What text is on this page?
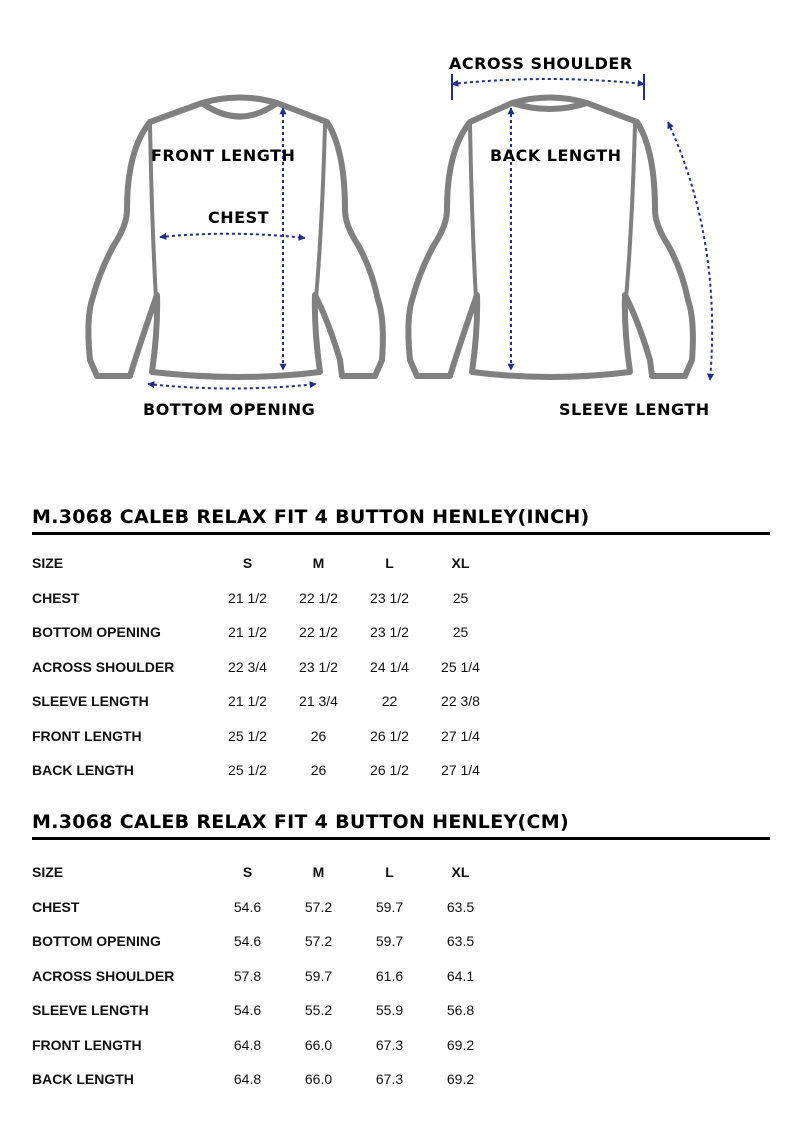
ACROSS SHOULDER
FRONT LENGTH	BACK LENGTH
CHEST
BOTTOM OPENING	SLEEVE LENGTH
M.3068 CALEB RELAX FIT 4 BUTTON HENLEY(INCH)
SIZE	S	M	L	XL
CHEST	21 1/2	22 1/2	23 1/2	25
BOTTOM OPENING	21 1/2	22 1/2	23 1/2	25
ACROSS SHOULDER	22 3/4	23 1/2	24 1/4	25 1/4
SLEEVE LENGTH	21 1/2	21 3/4	22	22 3/8
FRONT LENGTH	25 1/2	26	26 1/2	27 1/4
BACK LENGTH	25 1/2	26	26 1/2	27 1/4
M.3068 CALEB RELAX FIT 4 BUTTON HENLEY(CM)
SIZE	S	M	L	XL
CHEST	54.6	57.2	59.7	63.5
BOTTOM OPENING	54.6	57.2	59.7	63.5
ACROSS SHOULDER	57.8	59.7	61.6	64.1
SLEEVE LENGTH	54.6	55.2	55.9	56.8
FRONT LENGTH	64.8	66.0	67.3	69.2
BACK LENGTH	64.8	66.0	67.3	69.2
